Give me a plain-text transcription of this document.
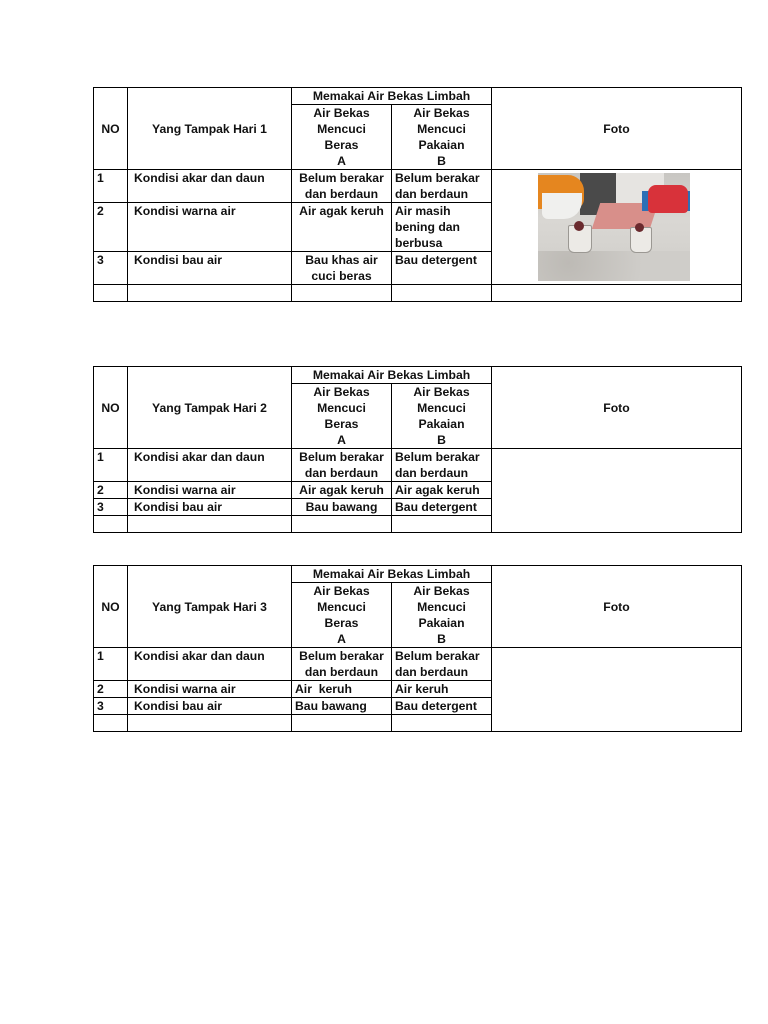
NO	Yang Tampak Hari 1	Memakai Air Bekas Limbah		Foto
		Air Bekas
Mencuci
Beras
A	Air Bekas
Mencuci
Pakaian
B	
1	Kondisi akar dan daun	Belum berakar
dan berdaun	Belum berakar
dan berdaun	

2	Kondisi warna air	Air agak keruh	Air masih
bening dan
berbusa	
3	Kondisi bau air	Bau khas air
cuci beras	Bau detergent	

NO	Yang Tampak Hari 2	Memakai Air Bekas Limbah		Foto
		Air Bekas
Mencuci
Beras
A	Air Bekas
Mencuci
Pakaian
B	
1	Kondisi akar dan daun	Belum berakar
dan berdaun	Belum berakar
dan berdaun	
2	Kondisi warna air	Air agak keruh	Air agak keruh	
3	Kondisi bau air	Bau bawang	Bau detergent	

NO	Yang Tampak Hari 3	Memakai Air Bekas Limbah		Foto
		Air Bekas
Mencuci
Beras
A	Air Bekas
Mencuci
Pakaian
B	
1	Kondisi akar dan daun	Belum berakar
dan berdaun	Belum berakar
dan berdaun	
2	Kondisi warna air	Air  keruh	Air keruh	
3	Kondisi bau air	Bau bawang	Bau detergent	
